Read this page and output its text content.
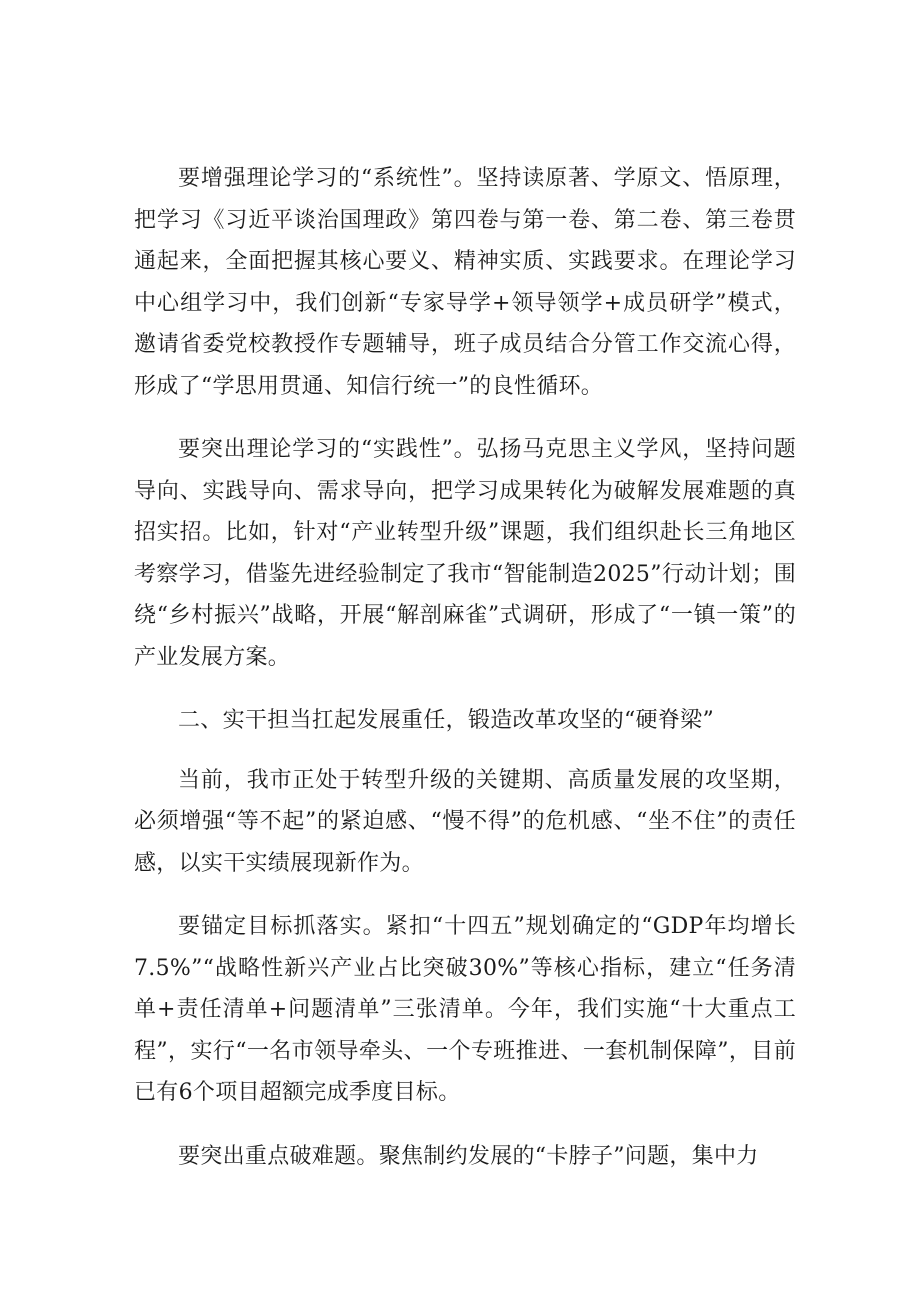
要增强理论学习的“系统性”。坚持读原著、学原文、悟原理，把学习《习近平谈治国理政》第四卷与第一卷、第二卷、第三卷贯通起来，全面把握其核心要义、精神实质、实践要求。在理论学习中心组学习中，我们创新“专家导学+领导领学+成员研学”模式，邀请省委党校教授作专题辅导，班子成员结合分管工作交流心得，形成了“学思用贯通、知信行统一”的良性循环。

要突出理论学习的“实践性”。弘扬马克思主义学风，坚持问题导向、实践导向、需求导向，把学习成果转化为破解发展难题的真招实招。比如，针对“产业转型升级”课题，我们组织赴长三角地区考察学习，借鉴先进经验制定了我市“智能制造2025”行动计划；围绕“乡村振兴”战略，开展“解剖麻雀”式调研，形成了“一镇一策”的产业发展方案。

二、实干担当扛起发展重任，锻造改革攻坚的“硬脊梁”

当前，我市正处于转型升级的关键期、高质量发展的攻坚期，必须增强“等不起”的紧迫感、“慢不得”的危机感、“坐不住”的责任感，以实干实绩展现新作为。

要锚定目标抓落实。紧扣“十四五”规划确定的“GDP年均增长7.5%”“战略性新兴产业占比突破30%”等核心指标，建立“任务清单+责任清单+问题清单”三张清单。今年，我们实施“十大重点工程”，实行“一名市领导牵头、一个专班推进、一套机制保障”，目前已有6个项目超额完成季度目标。

要突出重点破难题。聚焦制约发展的“卡脖子”问题，集中力
